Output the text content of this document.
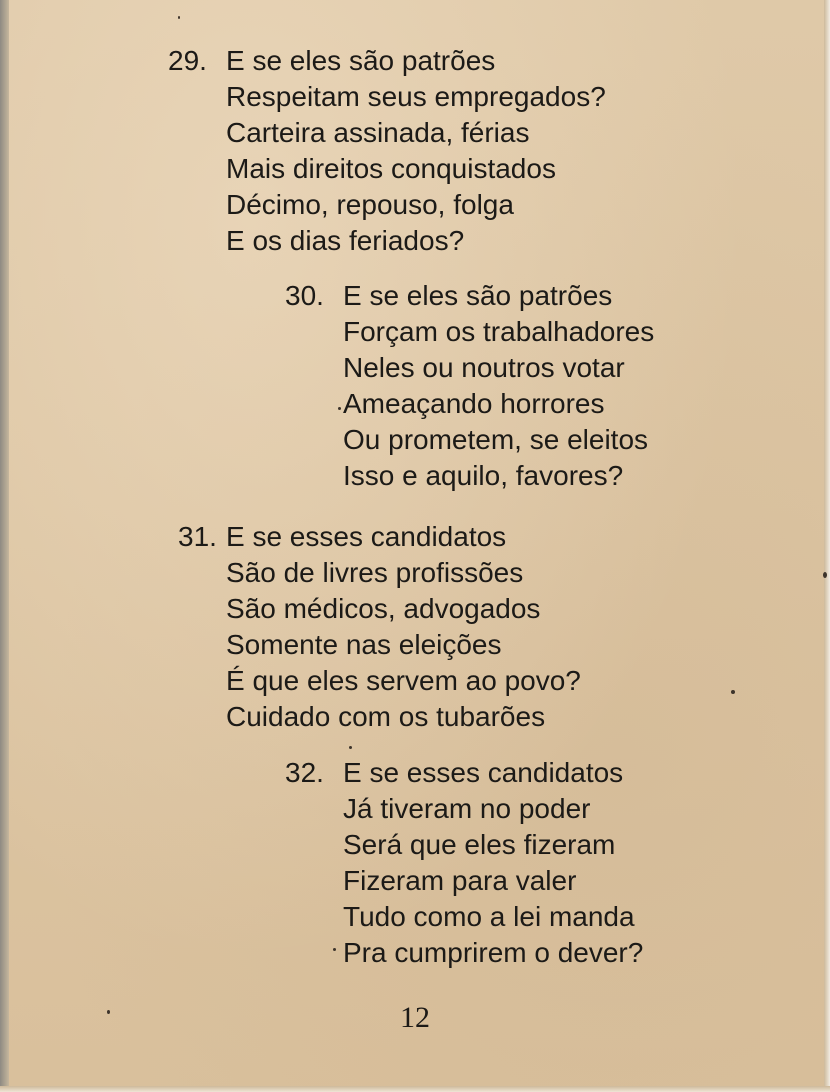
29. E se eles são patrões
Respeitam seus empregados?
Carteira assinada, férias
Mais direitos conquistados
Décimo, repouso, folga
E os dias feriados?
30. E se eles são patrões
Forçam os trabalhadores
Neles ou noutros votar
Ameaçando horrores
Ou prometem, se eleitos
Isso e aquilo, favores?
31. E se esses candidatos
São de livres profissões
São médicos, advogados
Somente nas eleições
É que eles servem ao povo?
Cuidado com os tubarões
32. E se esses candidatos
Já tiveram no poder
Será que eles fizeram
Fizeram para valer
Tudo como a lei manda
Pra cumprirem o dever?
12
